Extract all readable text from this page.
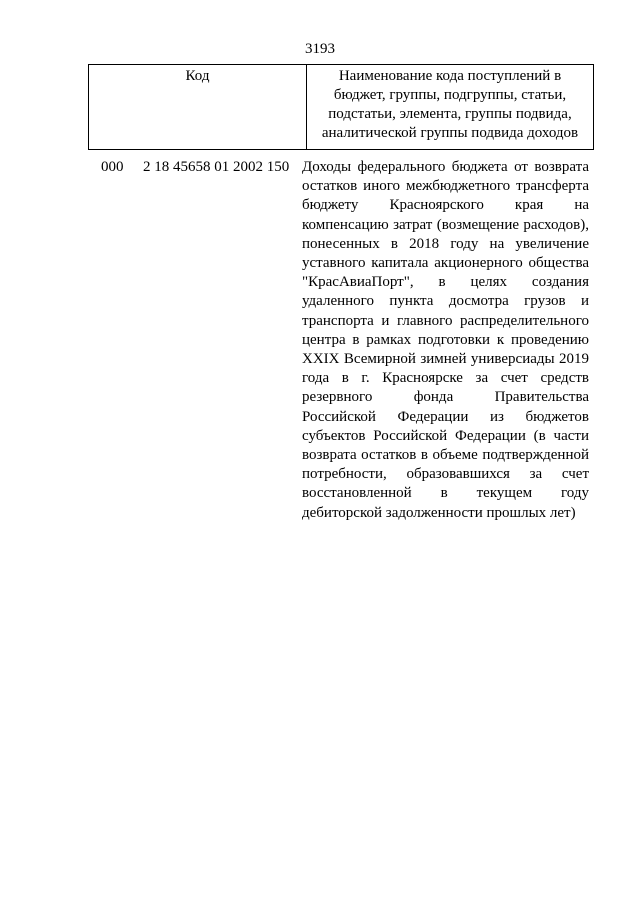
3193
Код	Наименование кода поступлений в бюджет, группы, подгруппы, статьи, подстатьи, элемента, группы подвида, аналитической группы подвида доходов
000 2 18 45658 01 2002 150 Доходы федерального бюджета от возврата остатков иного межбюджетного трансферта бюджету Красноярского края на компенсацию затрат (возмещение расходов), понесенных в 2018 году на увеличение уставного капитала акционерного общества "КрасАвиаПорт", в целях создания удаленного пункта досмотра грузов и транспорта и главного распределительного центра в рамках подготовки к проведению XXIX Всемирной зимней универсиады 2019 года в г. Красноярске за счет средств резервного фонда Правительства Российской Федерации из бюджетов субъектов Российской Федерации (в части возврата остатков в объеме подтвержденной потребности, образовавшихся за счет восстановленной в текущем году дебиторской задолженности прошлых лет)
